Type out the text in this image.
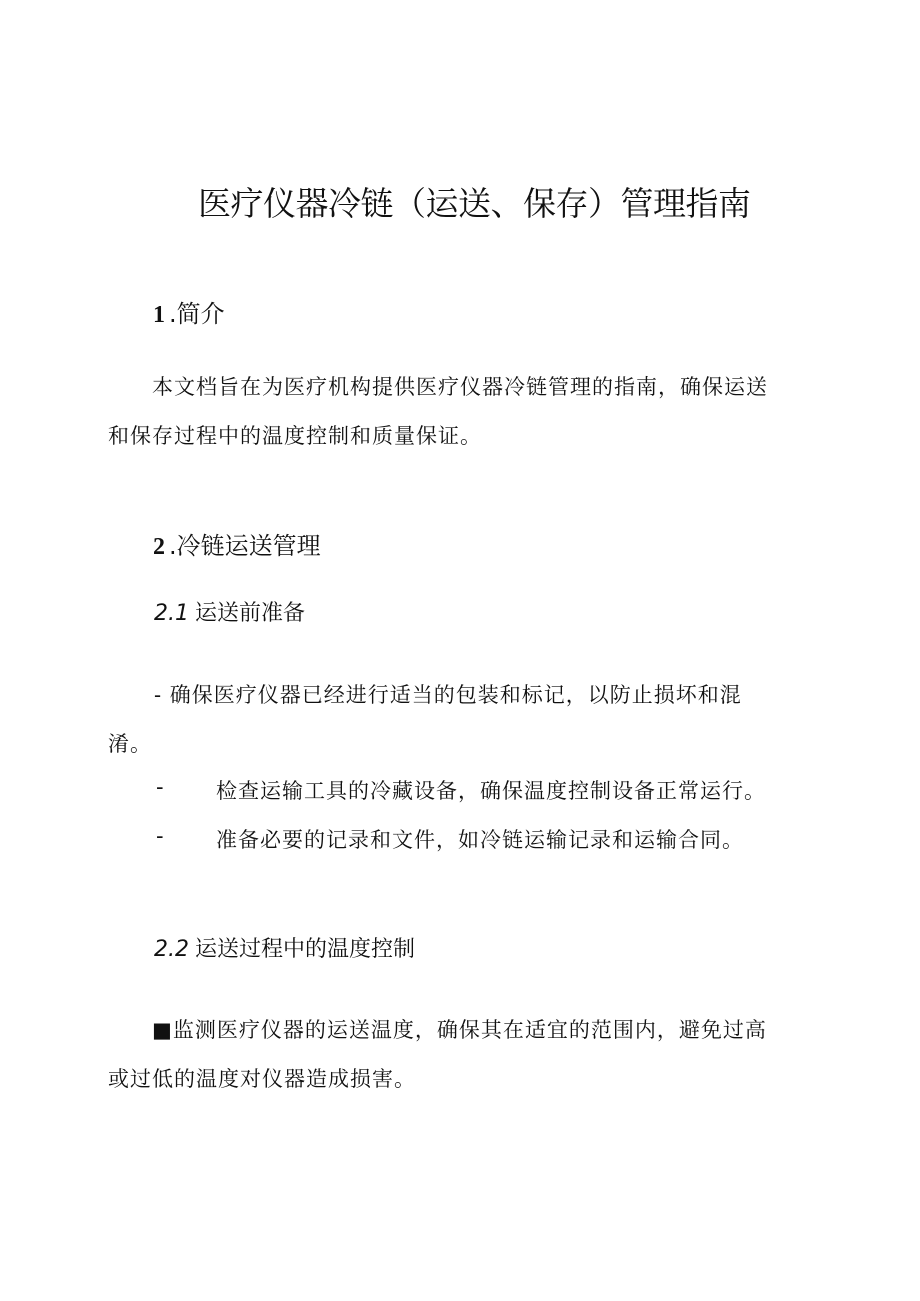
医疗仪器冷链（运送、保存）管理指南
1 .简介
本文档旨在为医疗机构提供医疗仪器冷链管理的指南，确保运送
和保存过程中的温度控制和质量保证。
2 .冷链运送管理
2.1 运送前准备
- 确保医疗仪器已经进行适当的包装和标记，以防止损坏和混
淆。
- 检查运输工具的冷藏设备，确保温度控制设备正常运行。
- 准备必要的记录和文件，如冷链运输记录和运输合同。
2.2 运送过程中的温度控制
■监测医疗仪器的运送温度，确保其在适宜的范围内，避免过高
或过低的温度对仪器造成损害。
